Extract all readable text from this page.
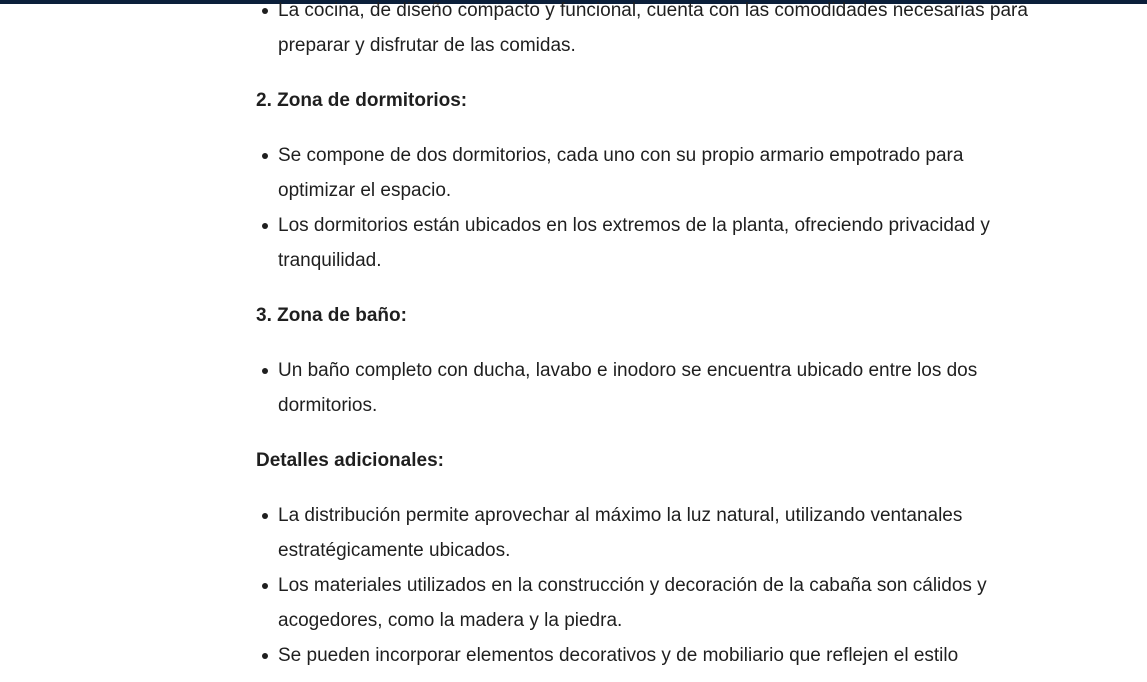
La cocina, de diseño compacto y funcional, cuenta con las comodidades necesarias para preparar y disfrutar de las comidas.
2. Zona de dormitorios:
Se compone de dos dormitorios, cada uno con su propio armario empotrado para optimizar el espacio.
Los dormitorios están ubicados en los extremos de la planta, ofreciendo privacidad y tranquilidad.
3. Zona de baño:
Un baño completo con ducha, lavabo e inodoro se encuentra ubicado entre los dos dormitorios.
Detalles adicionales:
La distribución permite aprovechar al máximo la luz natural, utilizando ventanales estratégicamente ubicados.
Los materiales utilizados en la construcción y decoración de la cabaña son cálidos y acogedores, como la madera y la piedra.
Se pueden incorporar elementos decorativos y de mobiliario que reflejen el estilo
